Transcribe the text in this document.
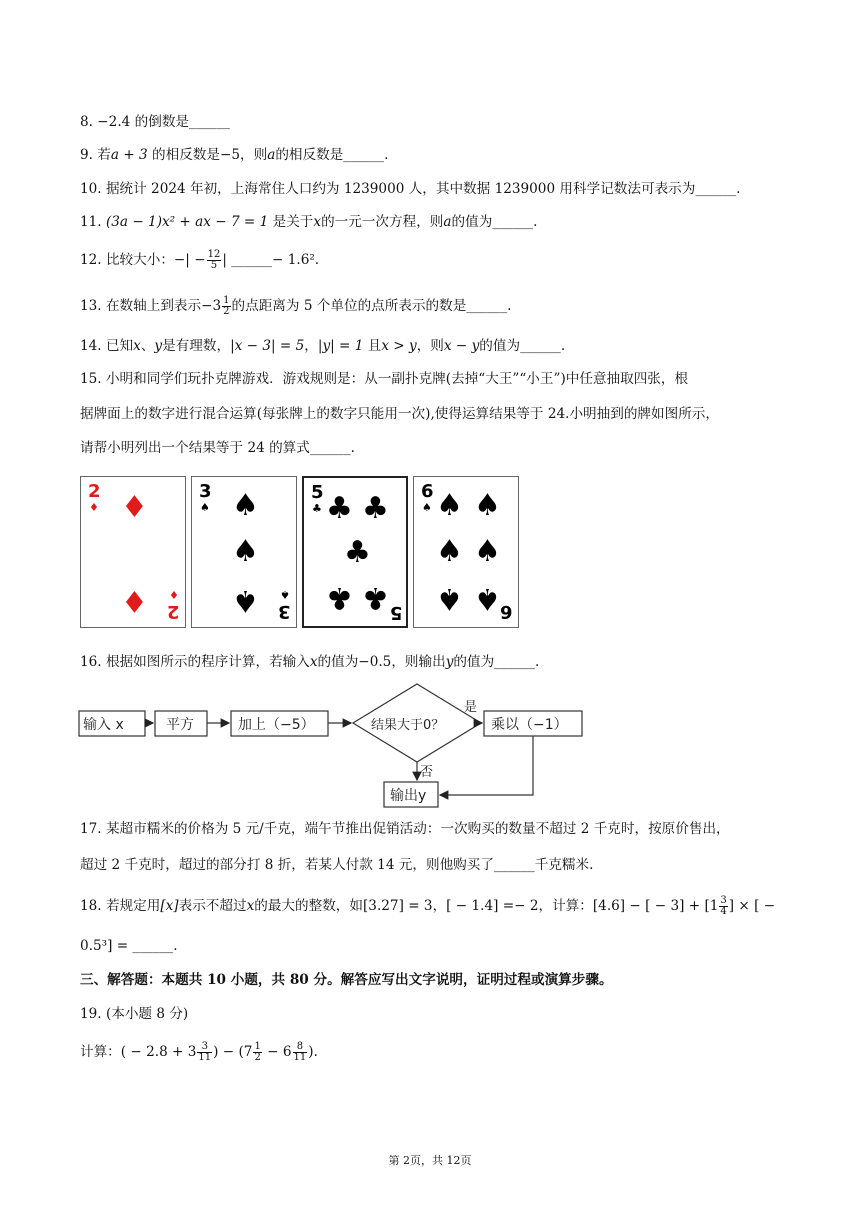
8. −2.4 的倒数是______
9. 若a + 3 的相反数是−5，则a的相反数是______.
10. 据统计 2024 年初，上海常住人口约为 1239000 人，其中数据 1239000 用科学记数法可表示为______.
11. (3a − 1)x² + ax − 7 = 1 是关于x的一元一次方程，则a的值为______.
12. 比较大小：−| − $\frac{12}{5}$ | ______− 1.6².
13. 在数轴上到表示$-3 \frac{1}{2}$ 的点距离为 5 个单位的点所表示的数是______.
14. 已知x、y是有理数，|x − 3| = 5，|y| = 1 且x > y，则x − y的值为______.
15. 小明和同学们玩扑克牌游戏．游戏规则是：从一副扑克牌(去掉“大王”“小王”)中任意抽取四张，根
据牌面上的数字进行混合运算(每张牌上的数字只能用一次),使得运算结果等于 24.小明抽到的牌如图所示，
请帮小明列出一个结果等于 24 的算式______.
2
♦ ♦
♦ ♦
2
3
♠ ♠
♠
♠ ♠
3
5
♣ ♣ ♣
♣
♣ ♣ 5
6
♠ ♠ ♠
♠ ♠
♠ ♠ 6
16. 根据如图所示的程序计算，若输入x的值为−0.5，则输出y的值为______.
输入 x	平方	加上（−5）	结果大于0？
是
否
乘以（−1）
输出y
17. 某超市糯米的价格为 5 元/千克，端午节推出促销活动：一次购买的数量不超过 2 千克时，按原价售出，
超过 2 千克时，超过的部分打 8 折，若某人付款 14 元，则他购买了______千克糯米.
18. 若规定用[x]表示不超过x的最大的整数，如[3.27] = 3，[ − 1.4] =− 2，计算：[4.6] − [ − $3] + [1 \frac{3}{4}$ ] × [ −
0.5³] = ______.
三、解答题：本题共 10 小题，共 80 分。解答应写出文字说明，证明过程或演算步骤。
19. (本小题 8 分)
计算：( − $2.8 + 3 \frac{3}{11}$ ) − ($7 \frac{1}{2} - 6 \frac{8}{11}$ ).
第 2页，共 12页
